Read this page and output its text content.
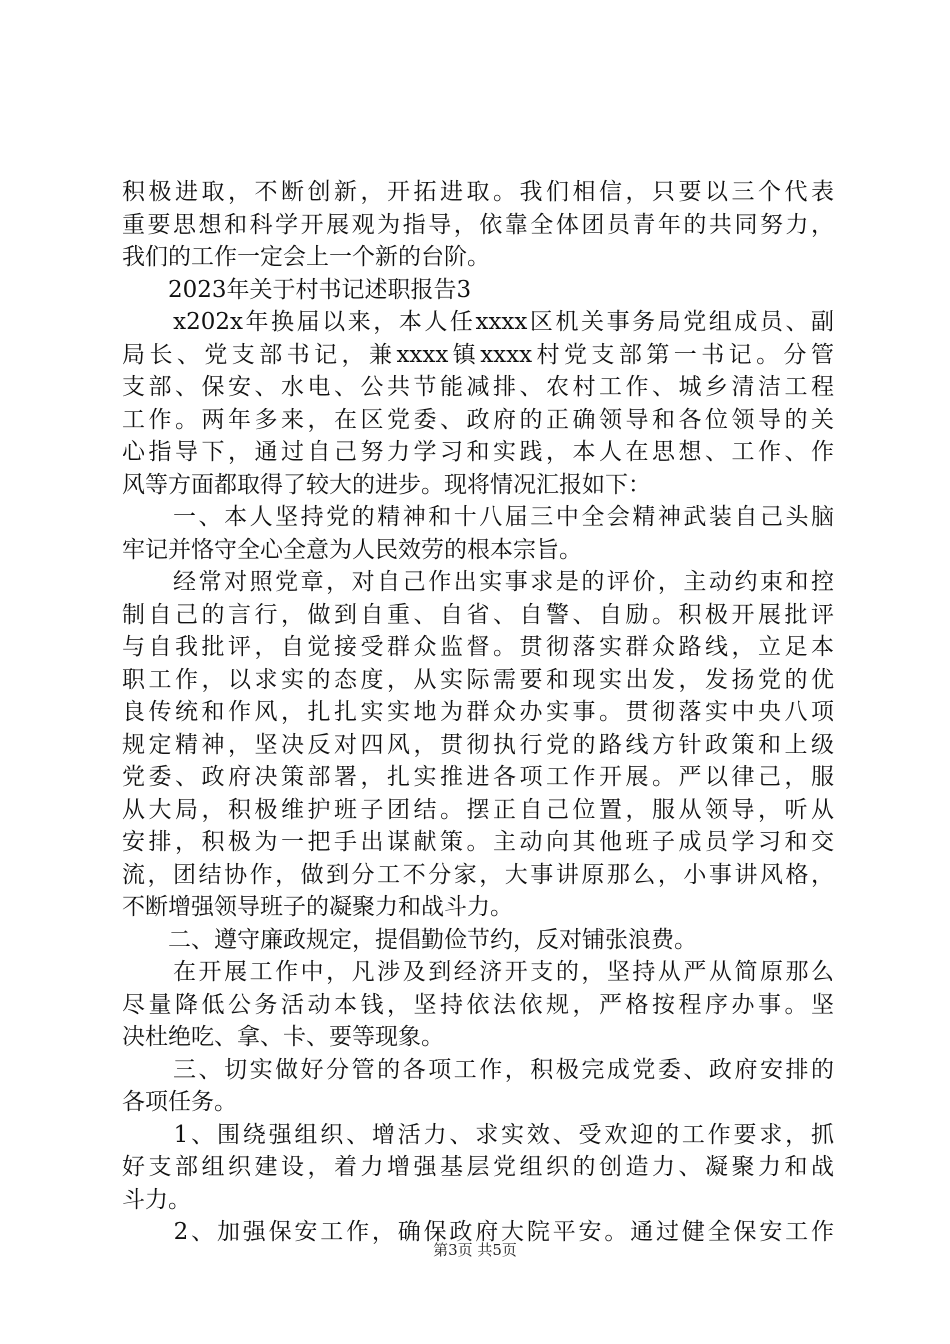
积极进取，不断创新，开拓进取。我们相信，只要以三个代表
重要思想和科学开展观为指导，依靠全体团员青年的共同努力，
我们的工作一定会上一个新的台阶。
　　2023年关于村书记述职报告3
　　x202x年换届以来，本人任xxxx区机关事务局党组成员、副
局长、党支部书记，兼xxxx镇xxxx村党支部第一书记。分管
支部、保安、水电、公共节能减排、农村工作、城乡清洁工程
工作。两年多来，在区党委、政府的正确领导和各位领导的关
心指导下，通过自己努力学习和实践，本人在思想、工作、作
风等方面都取得了较大的进步。现将情况汇报如下：
　　一、本人坚持党的精神和十八届三中全会精神武装自己头脑
牢记并恪守全心全意为人民效劳的根本宗旨。
　　经常对照党章，对自己作出实事求是的评价，主动约束和控
制自己的言行，做到自重、自省、自警、自励。积极开展批评
与自我批评，自觉接受群众监督。贯彻落实群众路线，立足本
职工作，以求实的态度，从实际需要和现实出发，发扬党的优
良传统和作风，扎扎实实地为群众办实事。贯彻落实中央八项
规定精神，坚决反对四风，贯彻执行党的路线方针政策和上级
党委、政府决策部署，扎实推进各项工作开展。严以律己，服
从大局，积极维护班子团结。摆正自己位置，服从领导，听从
安排，积极为一把手出谋献策。主动向其他班子成员学习和交
流，团结协作，做到分工不分家，大事讲原那么，小事讲风格，
不断增强领导班子的凝聚力和战斗力。
　　二、遵守廉政规定，提倡勤俭节约，反对铺张浪费。
　　在开展工作中，凡涉及到经济开支的，坚持从严从简原那么
尽量降低公务活动本钱，坚持依法依规，严格按程序办事。坚
决杜绝吃、拿、卡、要等现象。
　　三、切实做好分管的各项工作，积极完成党委、政府安排的
各项任务。
　　1、围绕强组织、增活力、求实效、受欢迎的工作要求，抓
好支部组织建设，着力增强基层党组织的创造力、凝聚力和战
斗力。
　　2、加强保安工作，确保政府大院平安。通过健全保安工作
第3页 共5页
